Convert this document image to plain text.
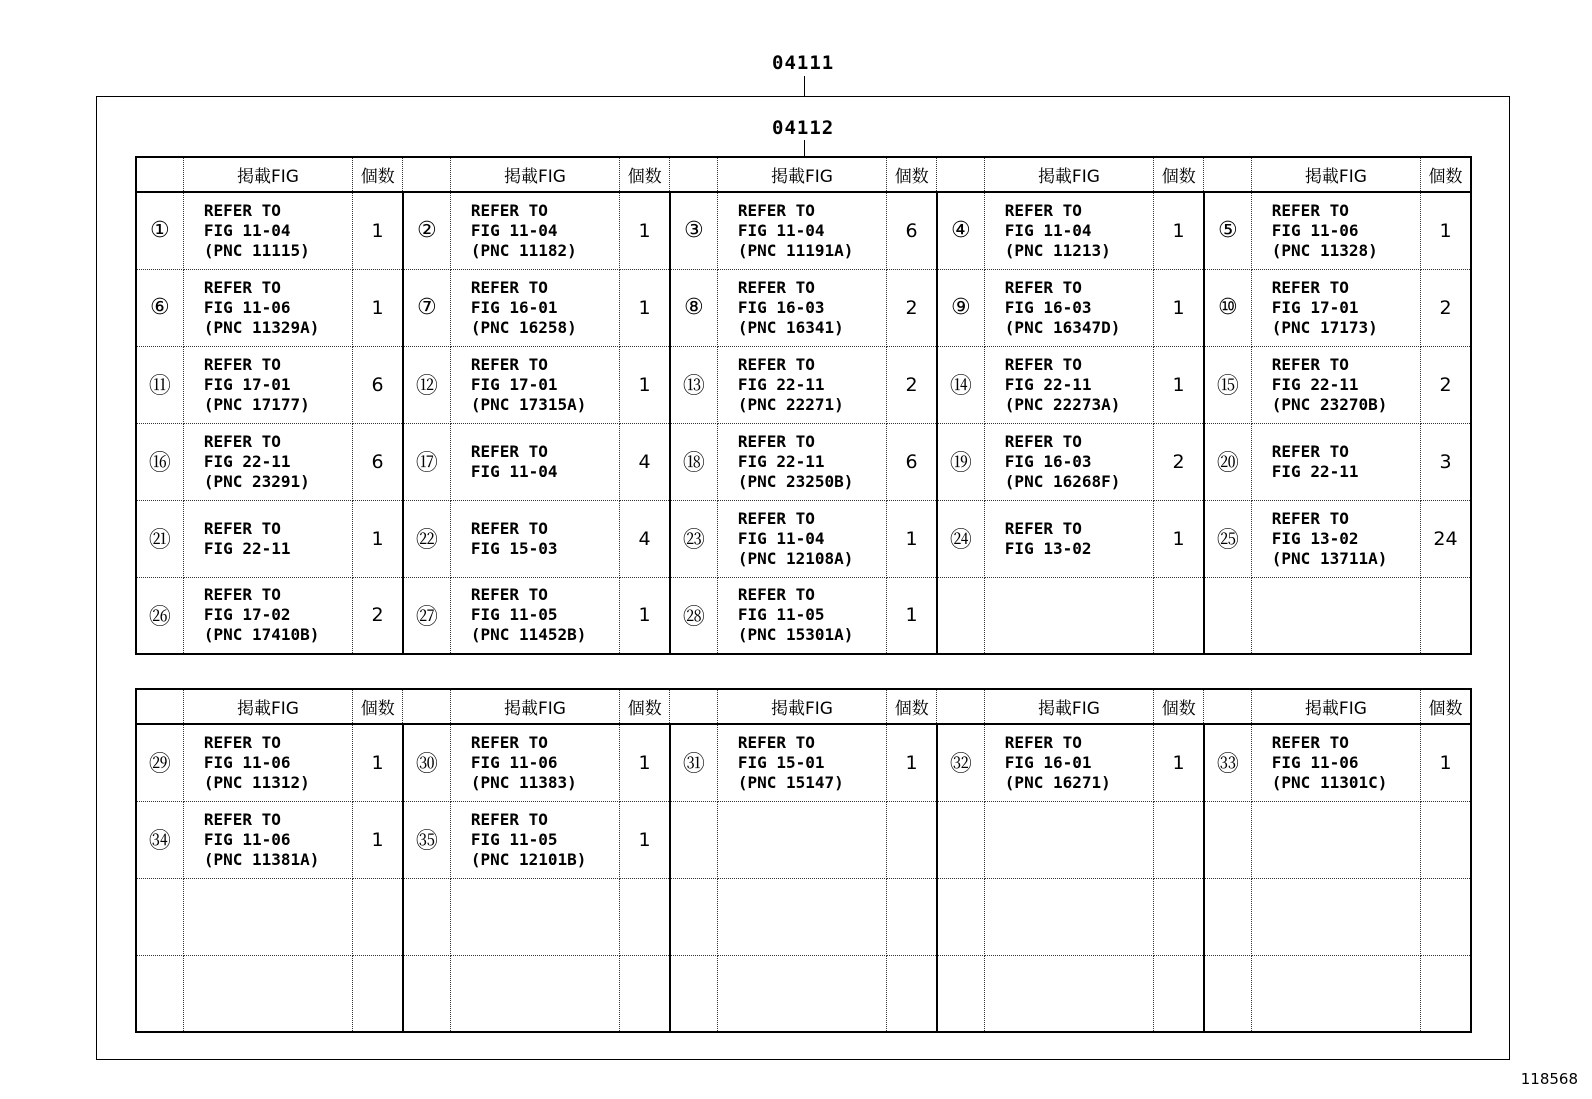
04111
04112
	掲載FIG	個数		掲載FIG	個数		掲載FIG	個数		掲載FIG	個数		掲載FIG	個数
①	REFER TO
FIG 11-04
(PNC 11115)	1	②	REFER TO
FIG 11-04
(PNC 11182)	1	③	REFER TO
FIG 11-04
(PNC 11191A)	6	④	REFER TO
FIG 11-04
(PNC 11213)	1	⑤	REFER TO
FIG 11-06
(PNC 11328)	1
⑥	REFER TO
FIG 11-06
(PNC 11329A)	1	⑦	REFER TO
FIG 16-01
(PNC 16258)	1	⑧	REFER TO
FIG 16-03
(PNC 16341)	2	⑨	REFER TO
FIG 16-03
(PNC 16347D)	1	⑩	REFER TO
FIG 17-01
(PNC 17173)	2
⑪	REFER TO
FIG 17-01
(PNC 17177)	6	⑫	REFER TO
FIG 17-01
(PNC 17315A)	1	⑬	REFER TO
FIG 22-11
(PNC 22271)	2	⑭	REFER TO
FIG 22-11
(PNC 22273A)	1	⑮	REFER TO
FIG 22-11
(PNC 23270B)	2
⑯	REFER TO
FIG 22-11
(PNC 23291)	6	⑰	REFER TO
FIG 11-04	4	⑱	REFER TO
FIG 22-11
(PNC 23250B)	6	⑲	REFER TO
FIG 16-03
(PNC 16268F)	2	⑳	REFER TO
FIG 22-11	3
㉑	REFER TO
FIG 22-11	1	㉒	REFER TO
FIG 15-03	4	㉓	REFER TO
FIG 11-04
(PNC 12108A)	1	㉔	REFER TO
FIG 13-02	1	㉕	REFER TO
FIG 13-02
(PNC 13711A)	24
㉖	REFER TO
FIG 17-02
(PNC 17410B)	2	㉗	REFER TO
FIG 11-05
(PNC 11452B)	1	㉘	REFER TO
FIG 11-05
(PNC 15301A)	1		

	掲載FIG	個数		掲載FIG	個数		掲載FIG	個数		掲載FIG	個数		掲載FIG	個数
㉙	REFER TO
FIG 11-06
(PNC 11312)	1	㉚	REFER TO
FIG 11-06
(PNC 11383)	1	㉛	REFER TO
FIG 15-01
(PNC 15147)	1	㉜	REFER TO
FIG 16-01
(PNC 16271)	1	㉝	REFER TO
FIG 11-06
(PNC 11301C)	1
㉞	REFER TO
FIG 11-06
(PNC 11381A)	1	㉟	REFER TO
FIG 11-05
(PNC 12101B)	1		

118568
